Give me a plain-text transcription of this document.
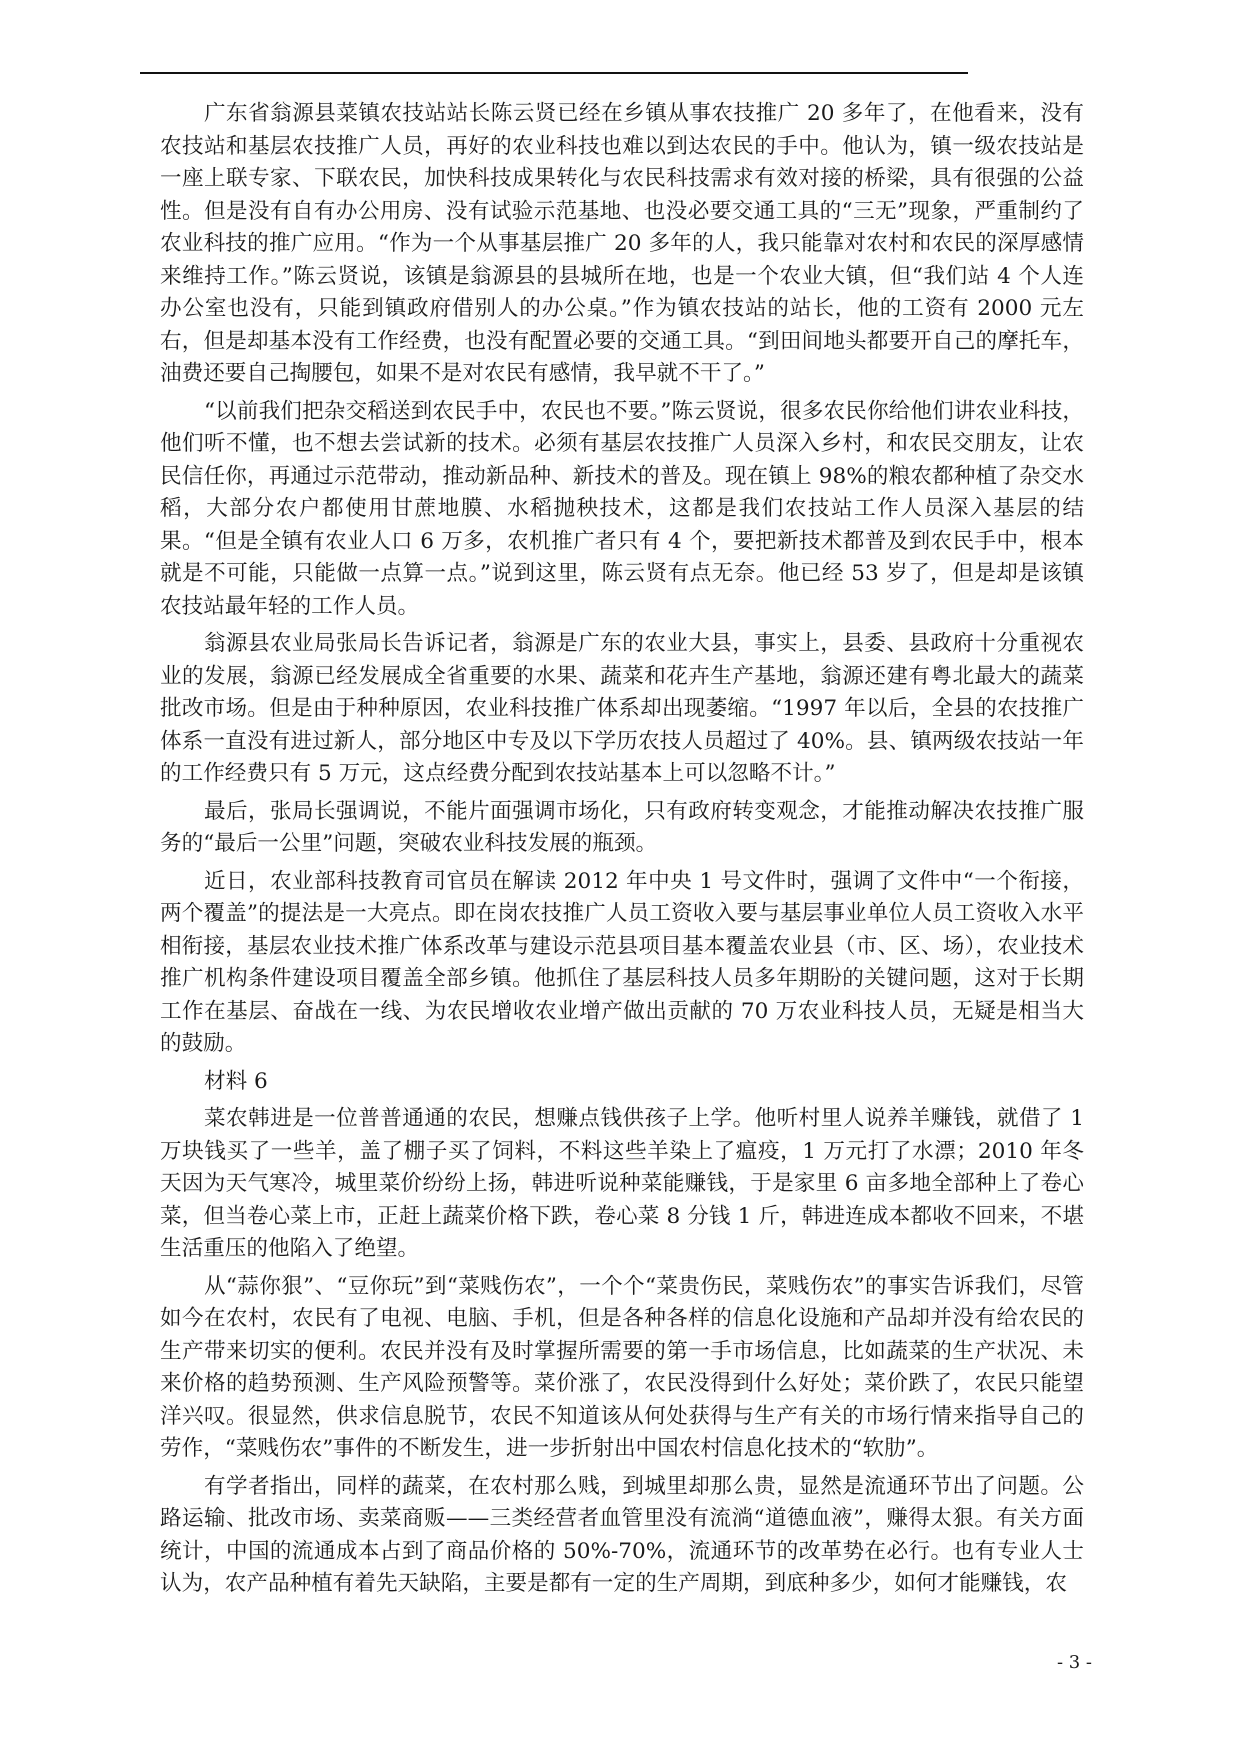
广东省翁源县菜镇农技站站长陈云贤已经在乡镇从事农技推广 20 多年了，在他看来，没有农技站和基层农技推广人员，再好的农业科技也难以到达农民的手中。他认为，镇一级农技站是一座上联专家、下联农民，加快科技成果转化与农民科技需求有效对接的桥梁，具有很强的公益性。但是没有自有办公用房、没有试验示范基地、也没必要交通工具的“三无”现象，严重制约了农业科技的推广应用。“作为一个从事基层推广 20 多年的人，我只能靠对农村和农民的深厚感情来维持工作。”陈云贤说，该镇是翁源县的县城所在地，也是一个农业大镇，但“我们站 4 个人连办公室也没有，只能到镇政府借别人的办公桌。”作为镇农技站的站长，他的工资有 2000 元左右，但是却基本没有工作经费，也没有配置必要的交通工具。“到田间地头都要开自己的摩托车，油费还要自己掏腰包，如果不是对农民有感情，我早就不干了。”

“以前我们把杂交稻送到农民手中，农民也不要。”陈云贤说，很多农民你给他们讲农业科技，他们听不懂，也不想去尝试新的技术。必须有基层农技推广人员深入乡村，和农民交朋友，让农民信任你，再通过示范带动，推动新品种、新技术的普及。现在镇上 98%的粮农都种植了杂交水稻，大部分农户都使用甘蔗地膜、水稻抛秧技术，这都是我们农技站工作人员深入基层的结果。“但是全镇有农业人口 6 万多，农机推广者只有 4 个，要把新技术都普及到农民手中，根本就是不可能，只能做一点算一点。”说到这里，陈云贤有点无奈。他已经 53 岁了，但是却是该镇农技站最年轻的工作人员。

翁源县农业局张局长告诉记者，翁源是广东的农业大县，事实上，县委、县政府十分重视农业的发展，翁源已经发展成全省重要的水果、蔬菜和花卉生产基地，翁源还建有粤北最大的蔬菜批改市场。但是由于种种原因，农业科技推广体系却出现萎缩。“1997 年以后，全县的农技推广体系一直没有进过新人，部分地区中专及以下学历农技人员超过了 40%。县、镇两级农技站一年的工作经费只有 5 万元，这点经费分配到农技站基本上可以忽略不计。”

最后，张局长强调说，不能片面强调市场化，只有政府转变观念，才能推动解决农技推广服务的“最后一公里”问题，突破农业科技发展的瓶颈。

近日，农业部科技教育司官员在解读 2012 年中央 1 号文件时，强调了文件中“一个衔接，两个覆盖”的提法是一大亮点。即在岗农技推广人员工资收入要与基层事业单位人员工资收入水平相衔接，基层农业技术推广体系改革与建设示范县项目基本覆盖农业县（市、区、场），农业技术推广机构条件建设项目覆盖全部乡镇。他抓住了基层科技人员多年期盼的关键问题，这对于长期工作在基层、奋战在一线、为农民增收农业增产做出贡献的 70 万农业科技人员，无疑是相当大的鼓励。

材料 6

菜农韩进是一位普普通通的农民，想赚点钱供孩子上学。他听村里人说养羊赚钱，就借了 1 万块钱买了一些羊，盖了棚子买了饲料，不料这些羊染上了瘟疫，1 万元打了水漂；2010 年冬天因为天气寒冷，城里菜价纷纷上扬，韩进听说种菜能赚钱，于是家里 6 亩多地全部种上了卷心菜，但当卷心菜上市，正赶上蔬菜价格下跌，卷心菜 8 分钱 1 斤，韩进连成本都收不回来，不堪生活重压的他陷入了绝望。

从“蒜你狠”、“豆你玩”到“菜贱伤农”，一个个“菜贵伤民，菜贱伤农”的事实告诉我们，尽管如今在农村，农民有了电视、电脑、手机，但是各种各样的信息化设施和产品却并没有给农民的生产带来切实的便利。农民并没有及时掌握所需要的第一手市场信息，比如蔬菜的生产状况、未来价格的趋势预测、生产风险预警等。菜价涨了，农民没得到什么好处；菜价跌了，农民只能望洋兴叹。很显然，供求信息脱节，农民不知道该从何处获得与生产有关的市场行情来指导自己的劳作，“菜贱伤农”事件的不断发生，进一步折射出中国农村信息化技术的“软肋”。

有学者指出，同样的蔬菜，在农村那么贱，到城里却那么贵，显然是流通环节出了问题。公路运输、批改市场、卖菜商贩——三类经营者血管里没有流淌“道德血液”，赚得太狠。有关方面统计，中国的流通成本占到了商品价格的 50%-70%，流通环节的改革势在必行。也有专业人士认为，农产品种植有着先天缺陷，主要是都有一定的生产周期，到底种多少，如何才能赚钱，农

- 3 -
